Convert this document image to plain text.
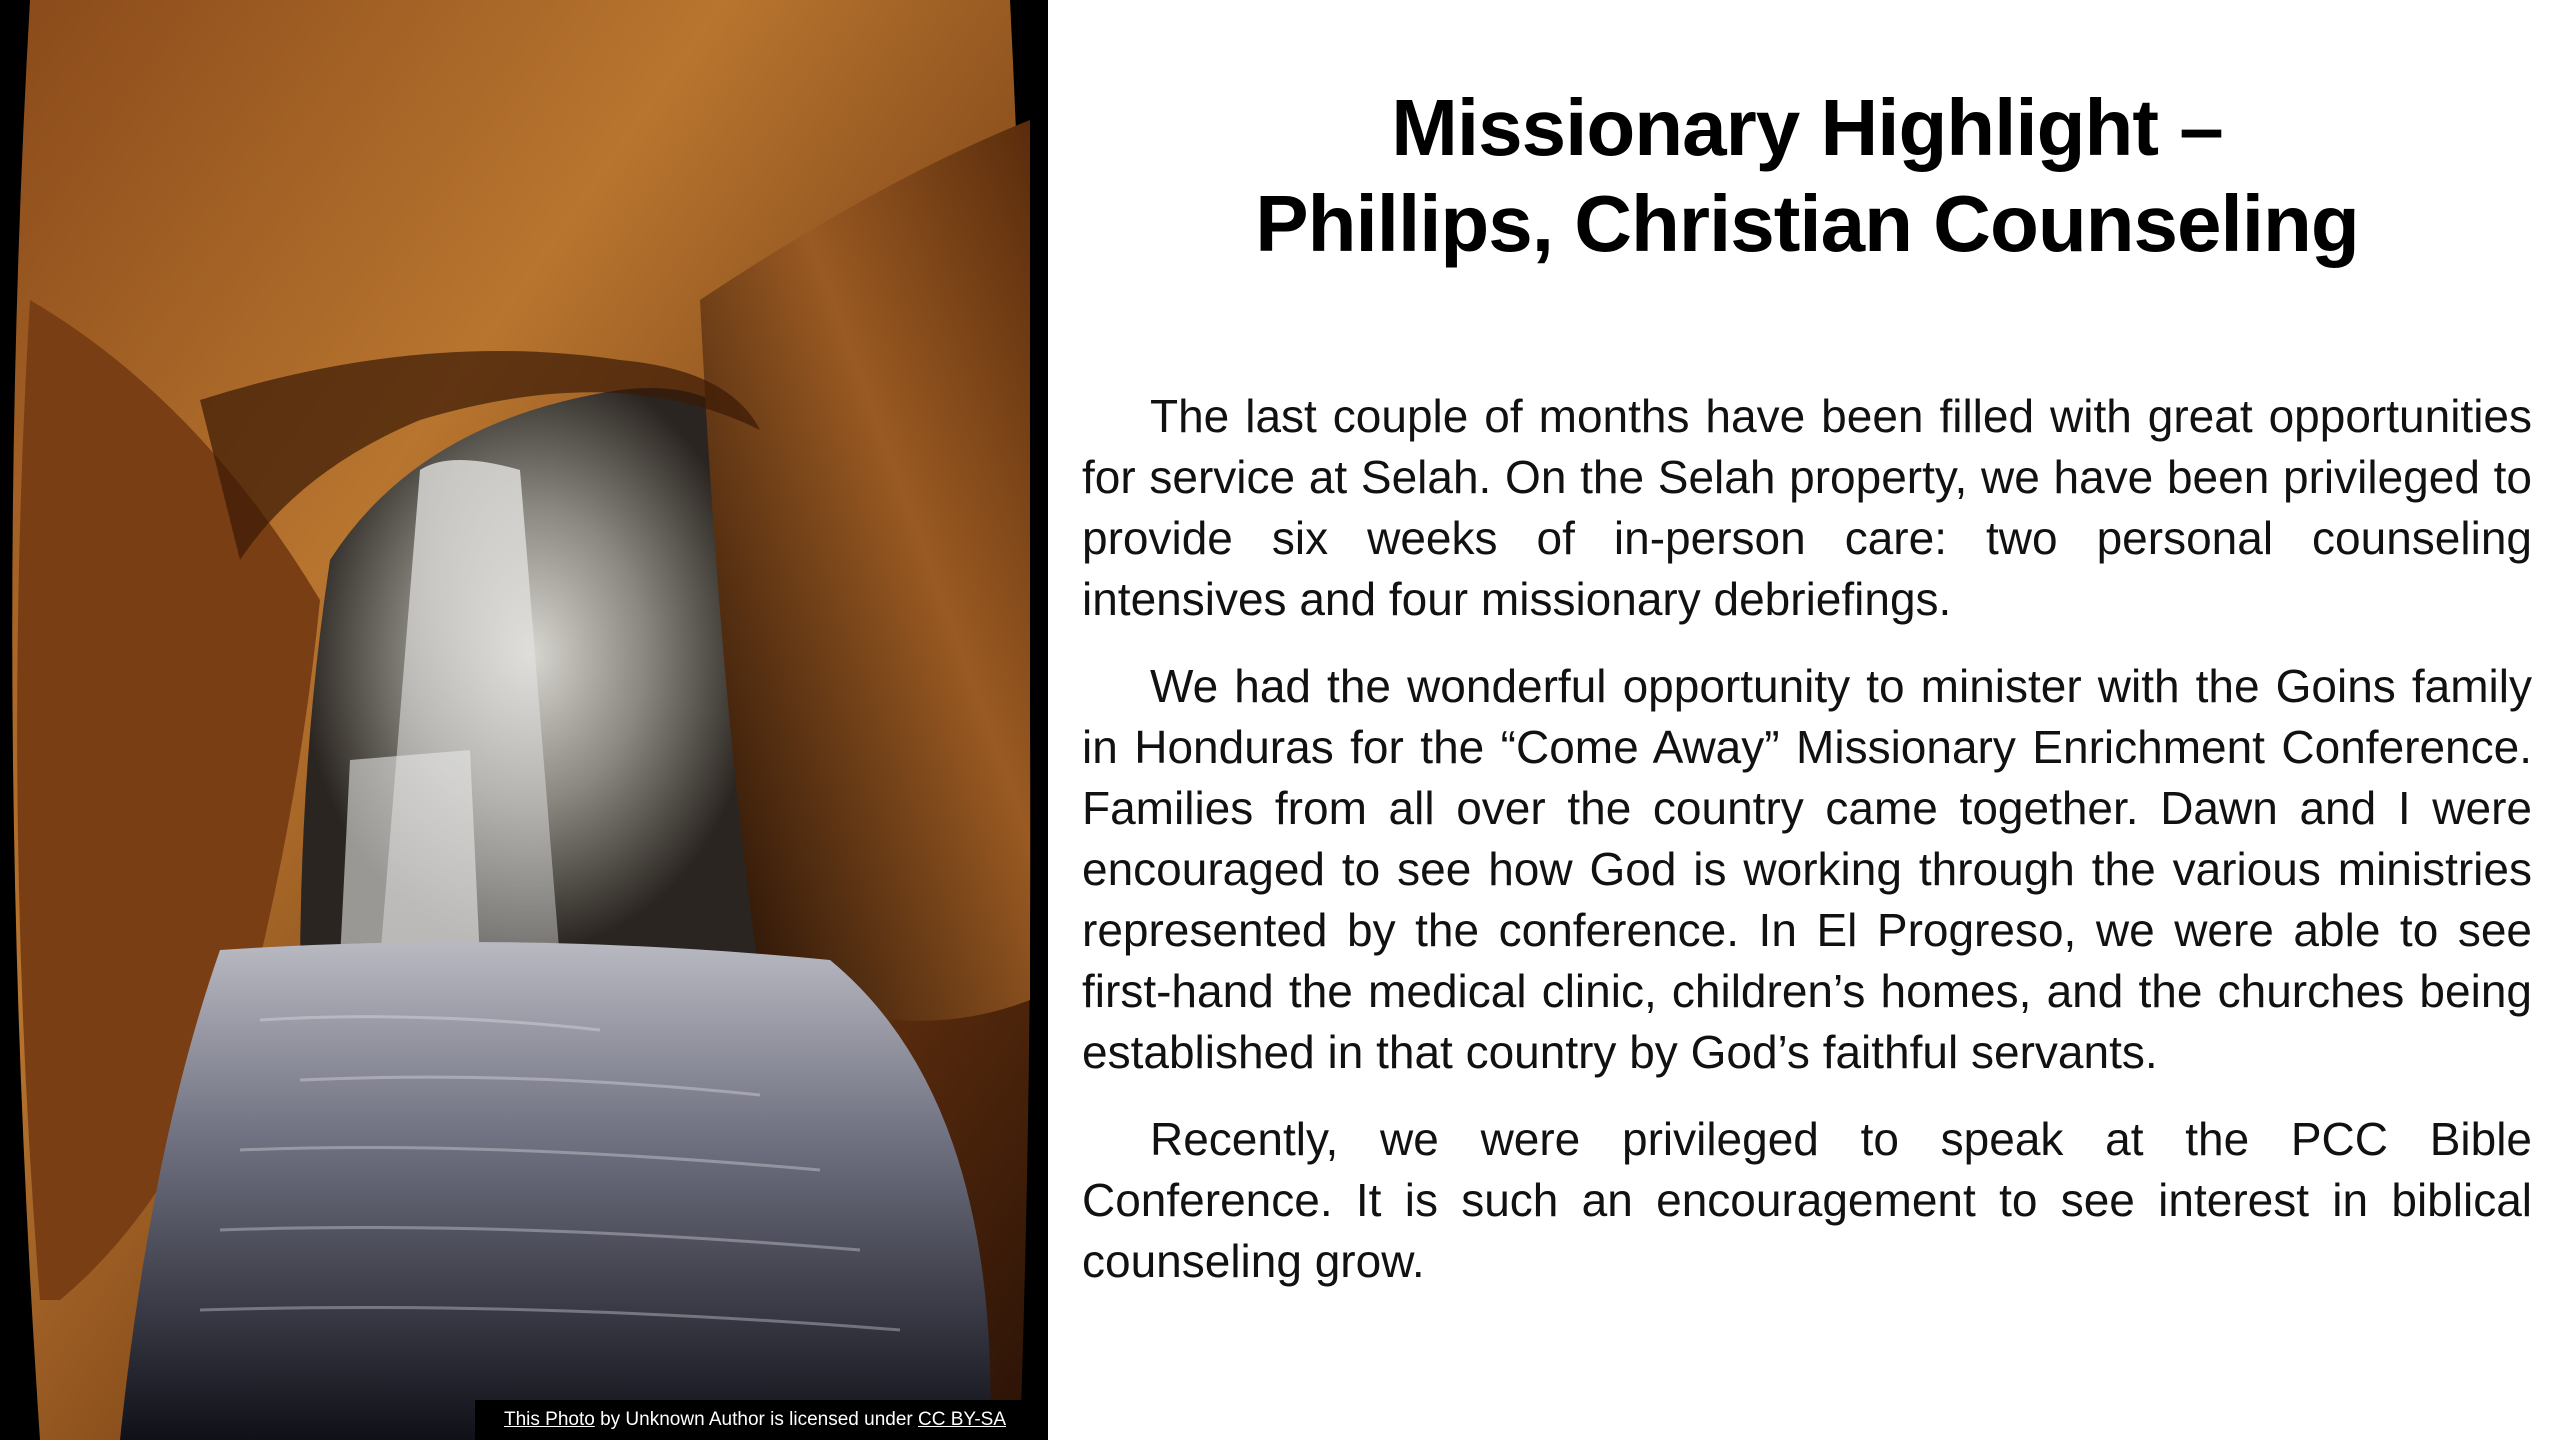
This Photo by Unknown Author is licensed under CC BY-SA
Missionary Highlight –
Phillips, Christian Counseling

The last couple of months have been filled with great opportunities for service at Selah. On the Selah property, we have been privileged to provide six weeks of in-person care: two personal counseling intensives and four missionary debriefings.

We had the wonderful opportunity to minister with the Goins family in Honduras for the “Come Away” Missionary Enrichment Conference. Families from all over the country came together. Dawn and I were encouraged to see how God is working through the various ministries represented by the conference. In El Progreso, we were able to see first-hand the medical clinic, children’s homes, and the churches being established in that country by God’s faithful servants.

Recently, we were privileged to speak at the PCC Bible Conference. It is such an encouragement to see interest in biblical counseling grow.
